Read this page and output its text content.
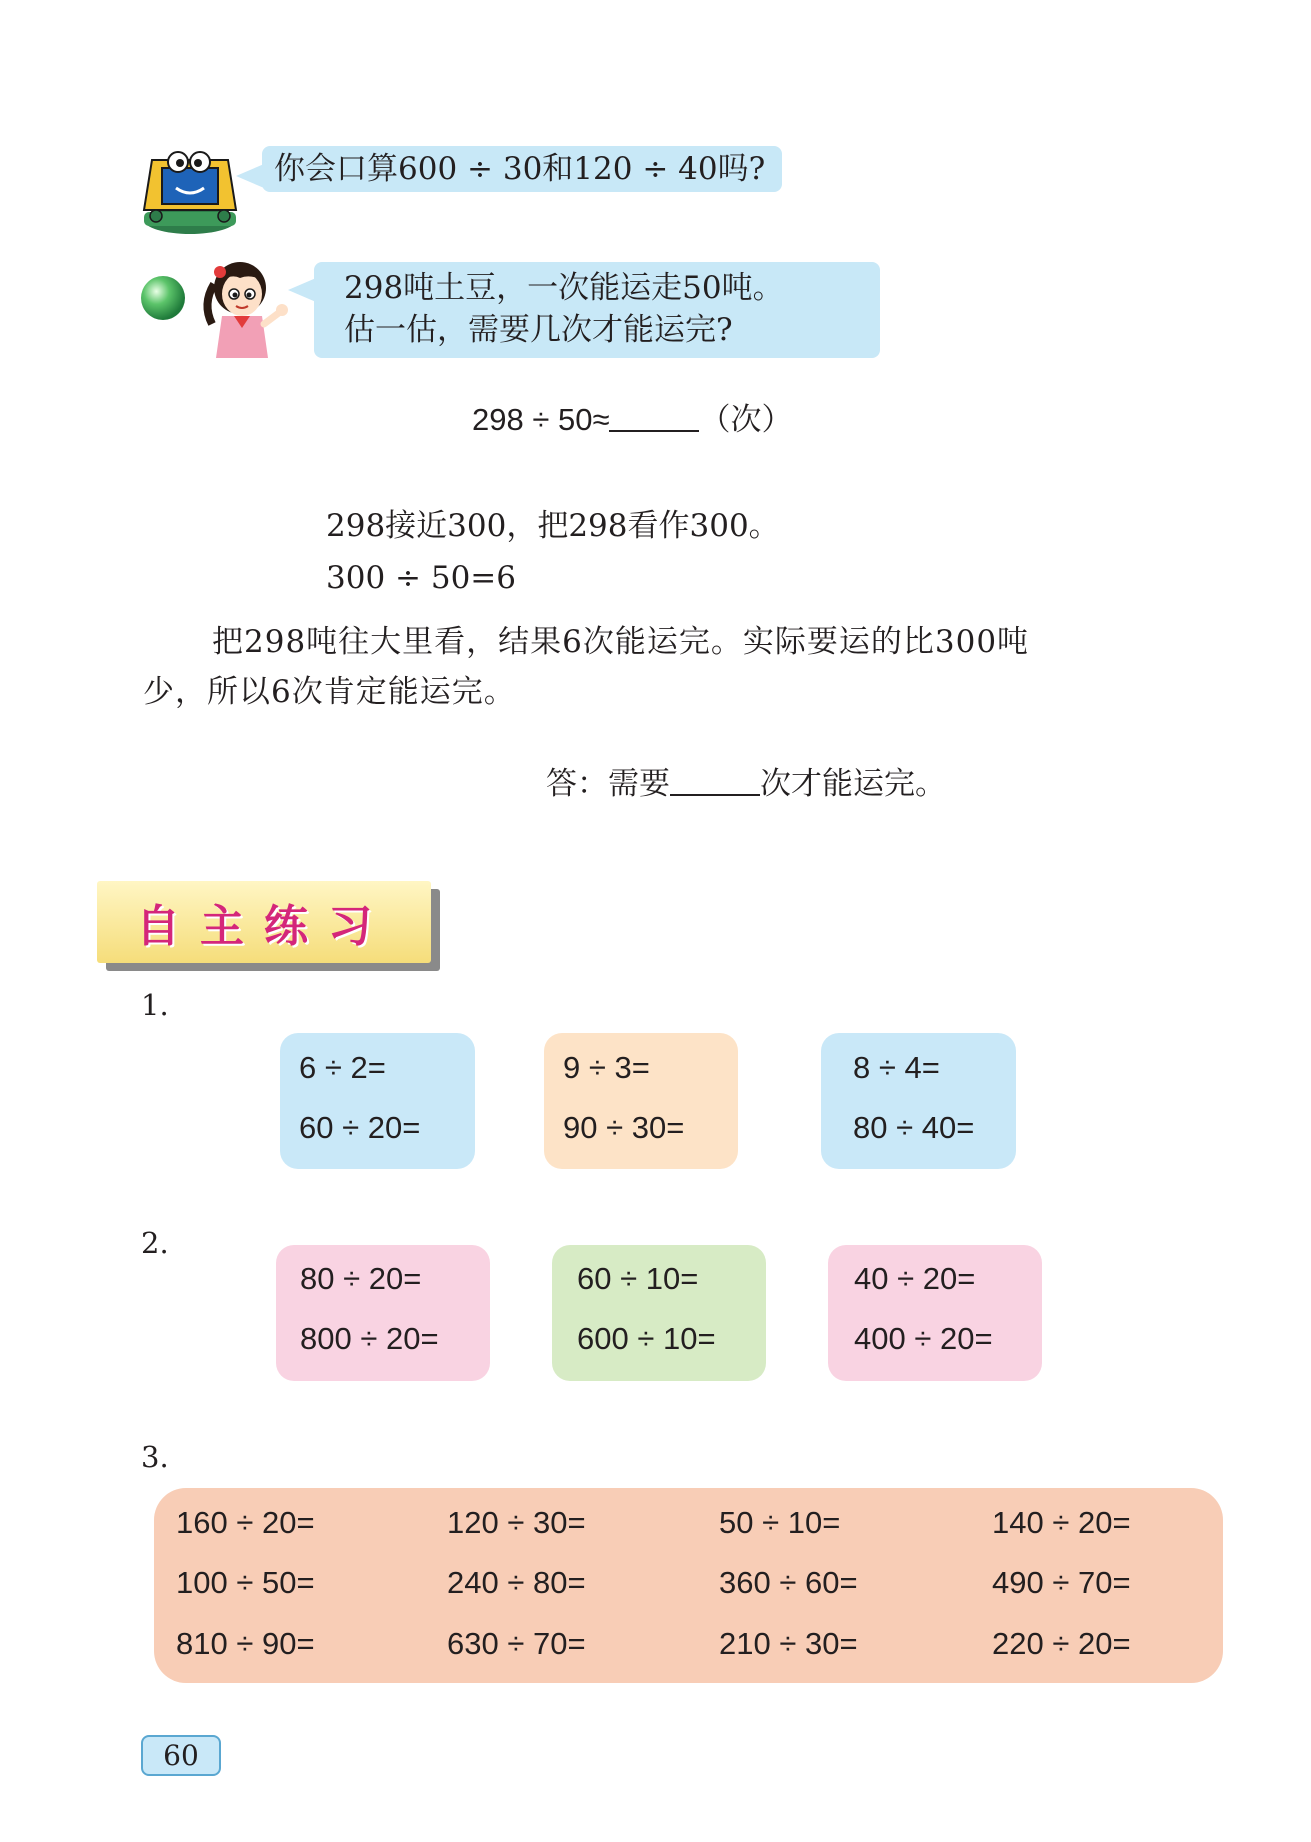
你会口算600 ÷ 30和120 ÷ 40吗?
298吨土豆，一次能运走50吨。
估一估，需要几次才能运完?
298 ÷ 50≈	（次）
298接近300，把298看作300。
300 ÷ 50=6
把298吨往大里看，结果6次能运完。实际要运的比300吨
少，所以6次肯定能运完。
答：需要	次才能运完。
自主练习
1.
6 ÷ 2=
60 ÷ 20=
9 ÷ 3=
90 ÷ 30=
8 ÷ 4=
80 ÷ 40=
2.
80 ÷ 20=
800 ÷ 20=
60 ÷ 10=
600 ÷ 10=
40 ÷ 20=
400 ÷ 20=
3.
160 ÷ 20=	120 ÷ 30=	50 ÷ 10=	140 ÷ 20=
100 ÷ 50=	240 ÷ 80=	360 ÷ 60=	490 ÷ 70=
810 ÷ 90=	630 ÷ 70=	210 ÷ 30=	220 ÷ 20=
60
